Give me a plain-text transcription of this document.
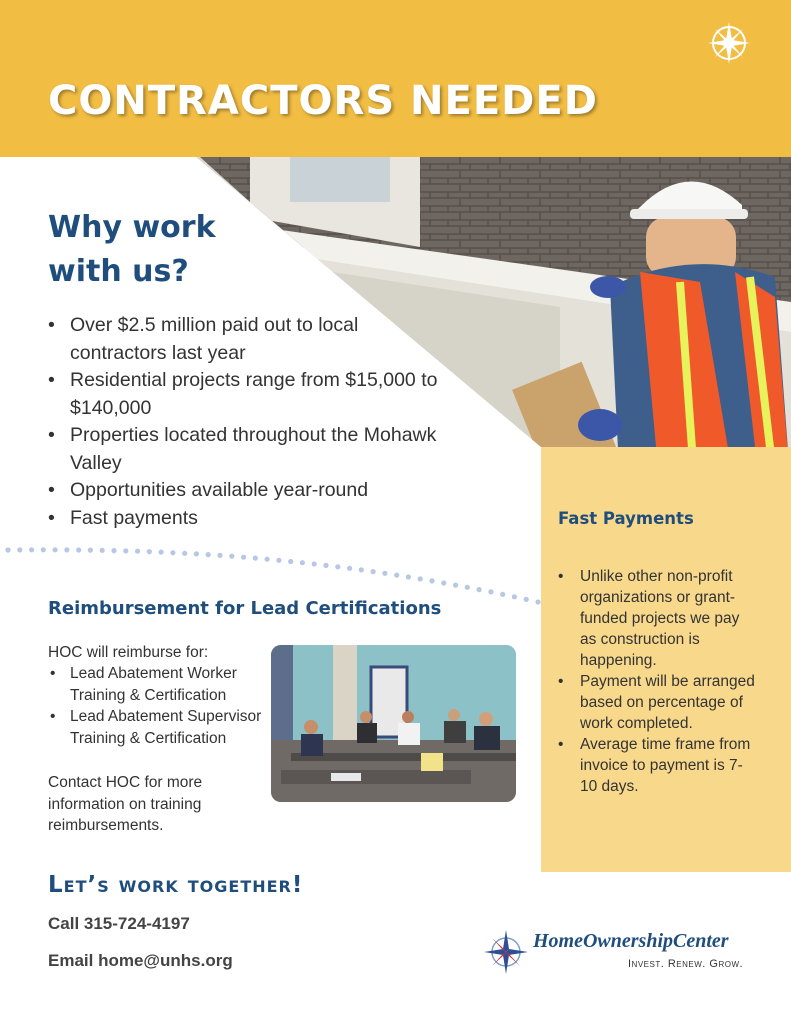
CONTRACTORS NEEDED
Why work
with us?
• Over $2.5 million paid out to local contractors last year
• Residential projects range from $15,000 to $140,000
• Properties located throughout the Mohawk Valley
• Opportunities available year-round
• Fast payments
Reimbursement for Lead Certifications

HOC will reimburse for:

• Lead Abatement Worker Training & Certification
• Lead Abatement Supervisor Training & Certification

Contact HOC for more information on training reimbursements.

Fast Payments
• Unlike other non-profit organizations or grant-funded projects we pay as construction is happening.
• Payment will be arranged based on percentage of work completed.
• Average time frame from invoice to payment is 7-10 days.
Let’s work together!

Call 315-724-4197

Email home@unhs.org

HomeOwnershipCenter

Invest. Renew. Grow.
